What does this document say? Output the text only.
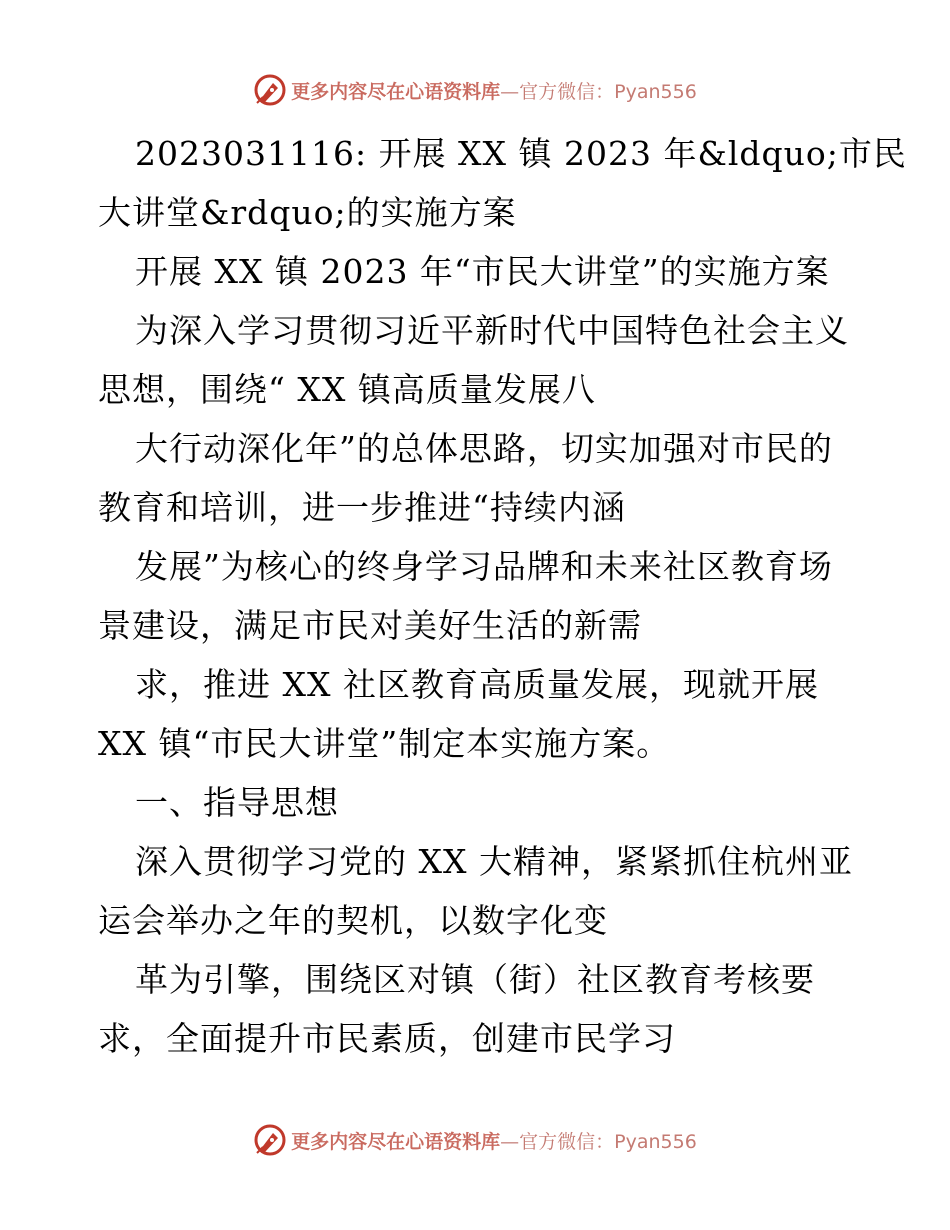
更多内容尽在心语资料库—官方微信：Pyan556
2023031116: 开展 XX 镇 2023 年&ldquo;市民
大讲堂&rdquo;的实施方案
开展 XX 镇 2023 年“市民大讲堂”的实施方案
为深入学习贯彻习近平新时代中国特色社会主义
思想，围绕“ XX 镇高质量发展八
大行动深化年”的总体思路，切实加强对市民的
教育和培训，进一步推进“持续内涵
发展”为核心的终身学习品牌和未来社区教育场
景建设，满足市民对美好生活的新需
求，推进 XX 社区教育高质量发展，现就开展
XX 镇“市民大讲堂”制定本实施方案。
一、指导思想
深入贯彻学习党的 XX 大精神，紧紧抓住杭州亚
运会举办之年的契机，以数字化变
革为引擎，围绕区对镇（街）社区教育考核要
求，全面提升市民素质，创建市民学习
更多内容尽在心语资料库—官方微信：Pyan556
